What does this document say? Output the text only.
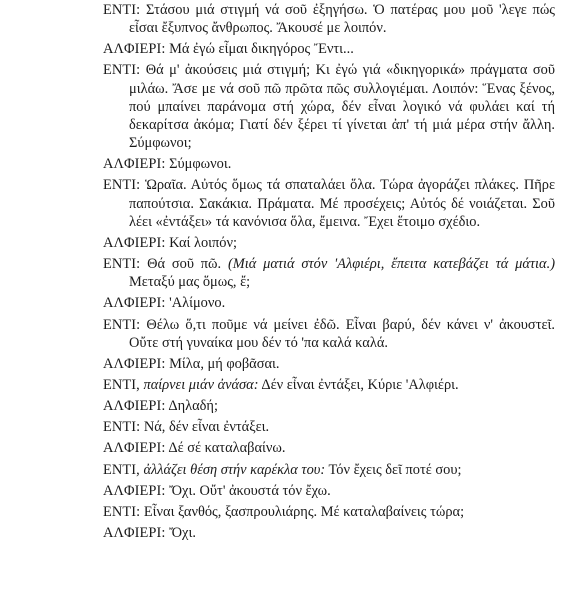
ΕΝΤΙ: Στάσου μιά στιγμή νά σοῦ ἐξηγήσω. Ὁ πατέρας μου μοῦ 'λεγε πώς εἶσαι ἔξυπνος ἄνθρωπος. Ἄκουσέ με λοιπόν.

ΑΛΦΙΕΡΙ: Μά ἐγώ εἶμαι δικηγόρος Ἔντι...

ΕΝΤΙ: Θά μ' ἀκούσεις μιά στιγμή; Κι ἐγώ γιά «δικηγορικά» πράγματα σοῦ μιλάω. Ἄσε με νά σοῦ πῶ πρῶτα πῶς συλλογιέμαι. Λοιπόν: Ἕνας ξένος, πού μπαίνει παράνομα στή χώρα, δέν εἶναι λογικό νά φυλάει καί τή δεκαρίτσα ἀκόμα; Γιατί δέν ξέρει τί γίνεται ἀπ' τή μιά μέρα στήν ἄλλη. Σύμφωνοι;

ΑΛΦΙΕΡΙ: Σύμφωνοι.

ΕΝΤΙ: Ὡραῖα. Αὐτός ὅμως τά σπαταλάει ὅλα. Τώρα ἀγοράζει πλάκες. Πῆρε παπούτσια. Σακάκια. Πράματα. Μέ προσέχεις; Αὐτός δέ νοιάζεται. Σοῦ λέει «ἐντάξει» τά κανόνισα ὅλα, ἔμεινα. Ἔχει ἕτοιμο σχέδιο.

ΑΛΦΙΕΡΙ: Καί λοιπόν;

ΕΝΤΙ: Θά σοῦ πῶ. (Μιά ματιά στόν 'Αλφιέρι, ἔπειτα κατεβάζει τά μάτια.) Μεταξύ μας ὅμως, ἔ;

ΑΛΦΙΕΡΙ: 'Αλίμονο.

ΕΝΤΙ: Θέλω ὅ,τι ποῦμε νά μείνει ἐδῶ. Εἶναι βαρύ, δέν κάνει ν' ἀκουστεῖ. Οὔτε στή γυναίκα μου δέν τό 'πα καλά καλά.

ΑΛΦΙΕΡΙ: Μίλα, μή φοβᾶσαι.

ΕΝΤΙ, παίρνει μιάν ἀνάσα: Δέν εἶναι ἐντάξει, Κύριε 'Αλφιέρι.

ΑΛΦΙΕΡΙ: Δηλαδή;

ΕΝΤΙ: Νά, δέν εἶναι ἐντάξει.

ΑΛΦΙΕΡΙ: Δέ σέ καταλαβαίνω.

ΕΝΤΙ, ἀλλάζει θέση στήν καρέκλα του: Τόν ἔχεις δεῖ ποτέ σου;

ΑΛΦΙΕΡΙ: Ὄχι. Οὔτ' ἀκουστά τόν ἔχω.

ΕΝΤΙ: Εἶναι ξανθός, ξασπρουλιάρης. Μέ καταλαβαίνεις τώρα;

ΑΛΦΙΕΡΙ: Ὄχι.
